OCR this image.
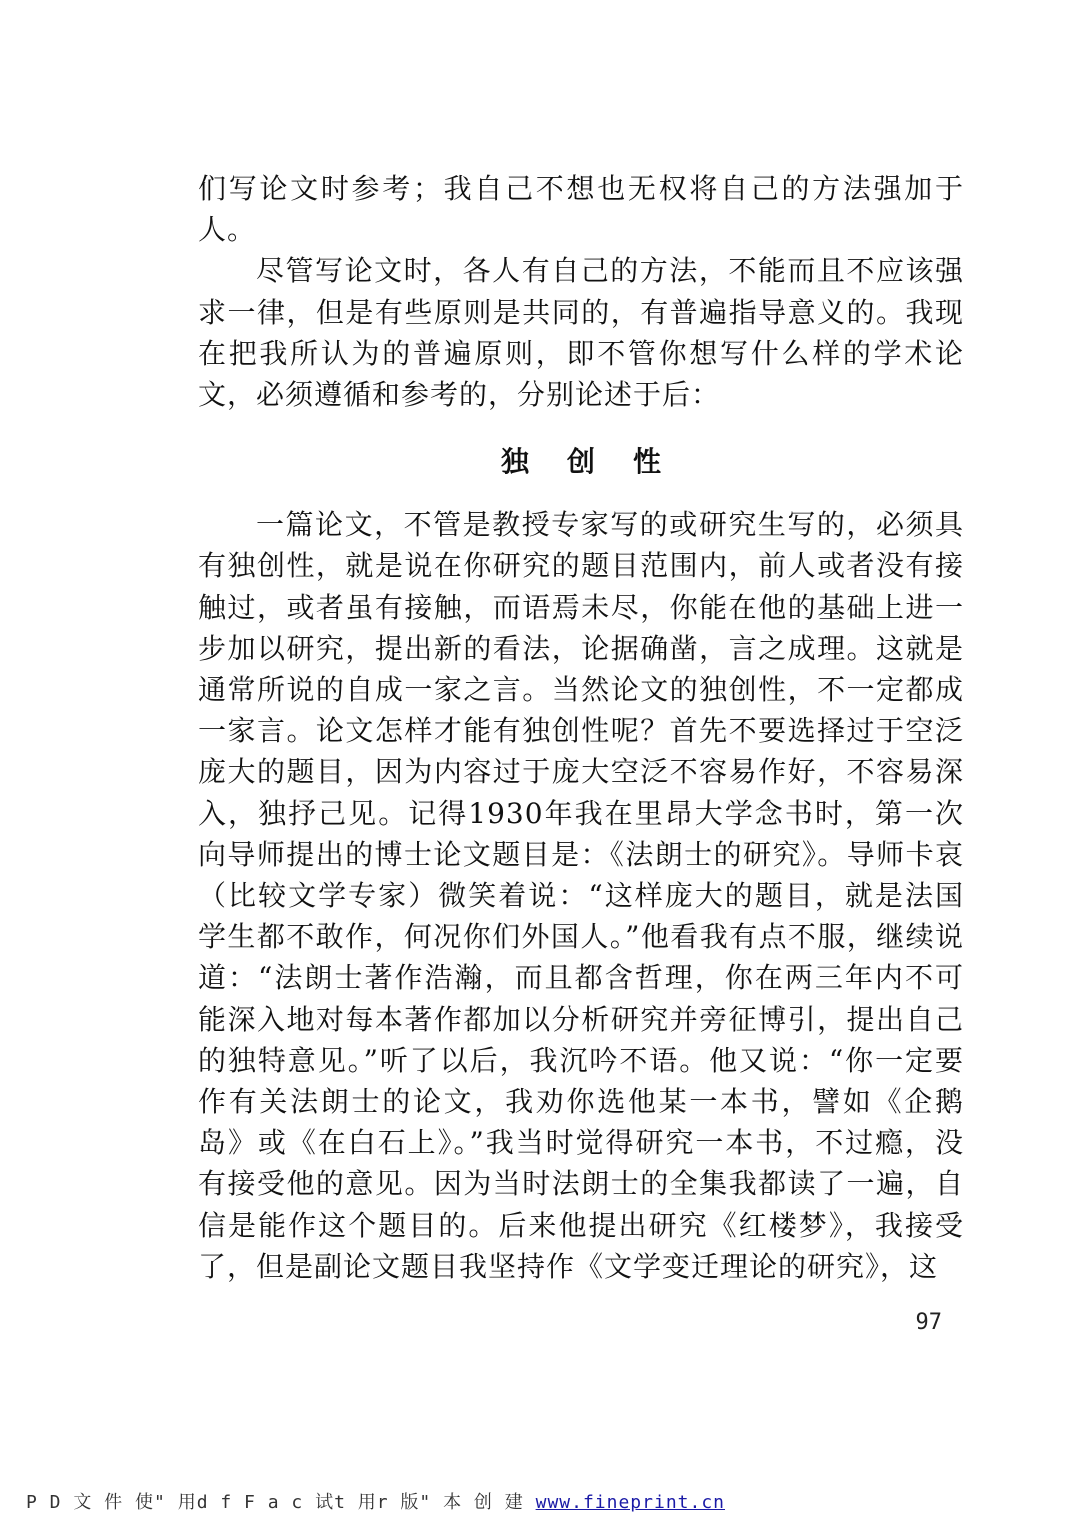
们写论文时参考；我自己不想也无权将自己的方法强加于人。

尽管写论文时，各人有自己的方法，不能而且不应该强求一律，但是有些原则是共同的，有普遍指导意义的。我现在把我所认为的普遍原则，即不管你想写什么样的学术论文，必须遵循和参考的，分别论述于后：

独创性

一篇论文，不管是教授专家写的或研究生写的，必须具有独创性，就是说在你研究的题目范围内，前人或者没有接触过，或者虽有接触，而语焉未尽，你能在他的基础上进一步加以研究，提出新的看法，论据确凿，言之成理。这就是通常所说的自成一家之言。当然论文的独创性，不一定都成一家言。论文怎样才能有独创性呢？首先不要选择过于空泛庞大的题目，因为内容过于庞大空泛不容易作好，不容易深入，独抒己见。记得1930年我在里昂大学念书时，第一次向导师提出的博士论文题目是：《法朗士的研究》。导师卡哀（比较文学专家）微笑着说：“这样庞大的题目，就是法国学生都不敢作，何况你们外国人。”他看我有点不服，继续说道：“法朗士著作浩瀚，而且都含哲理，你在两三年内不可能深入地对每本著作都加以分析研究并旁征博引，提出自己的独特意见。”听了以后，我沉吟不语。他又说：“你一定要作有关法朗士的论文，我劝你选他某一本书，譬如《企鹅岛》或《在白石上》。”我当时觉得研究一本书，不过瘾，没有接受他的意见。因为当时法朗士的全集我都读了一遍，自信是能作这个题目的。后来他提出研究《红楼梦》，我接受了，但是副论文题目我坚持作《文学变迁理论的研究》，这

97
P D 文 件 使" 用d f F a c 试t 用r 版" 本 创 建 www.fineprint.cn
